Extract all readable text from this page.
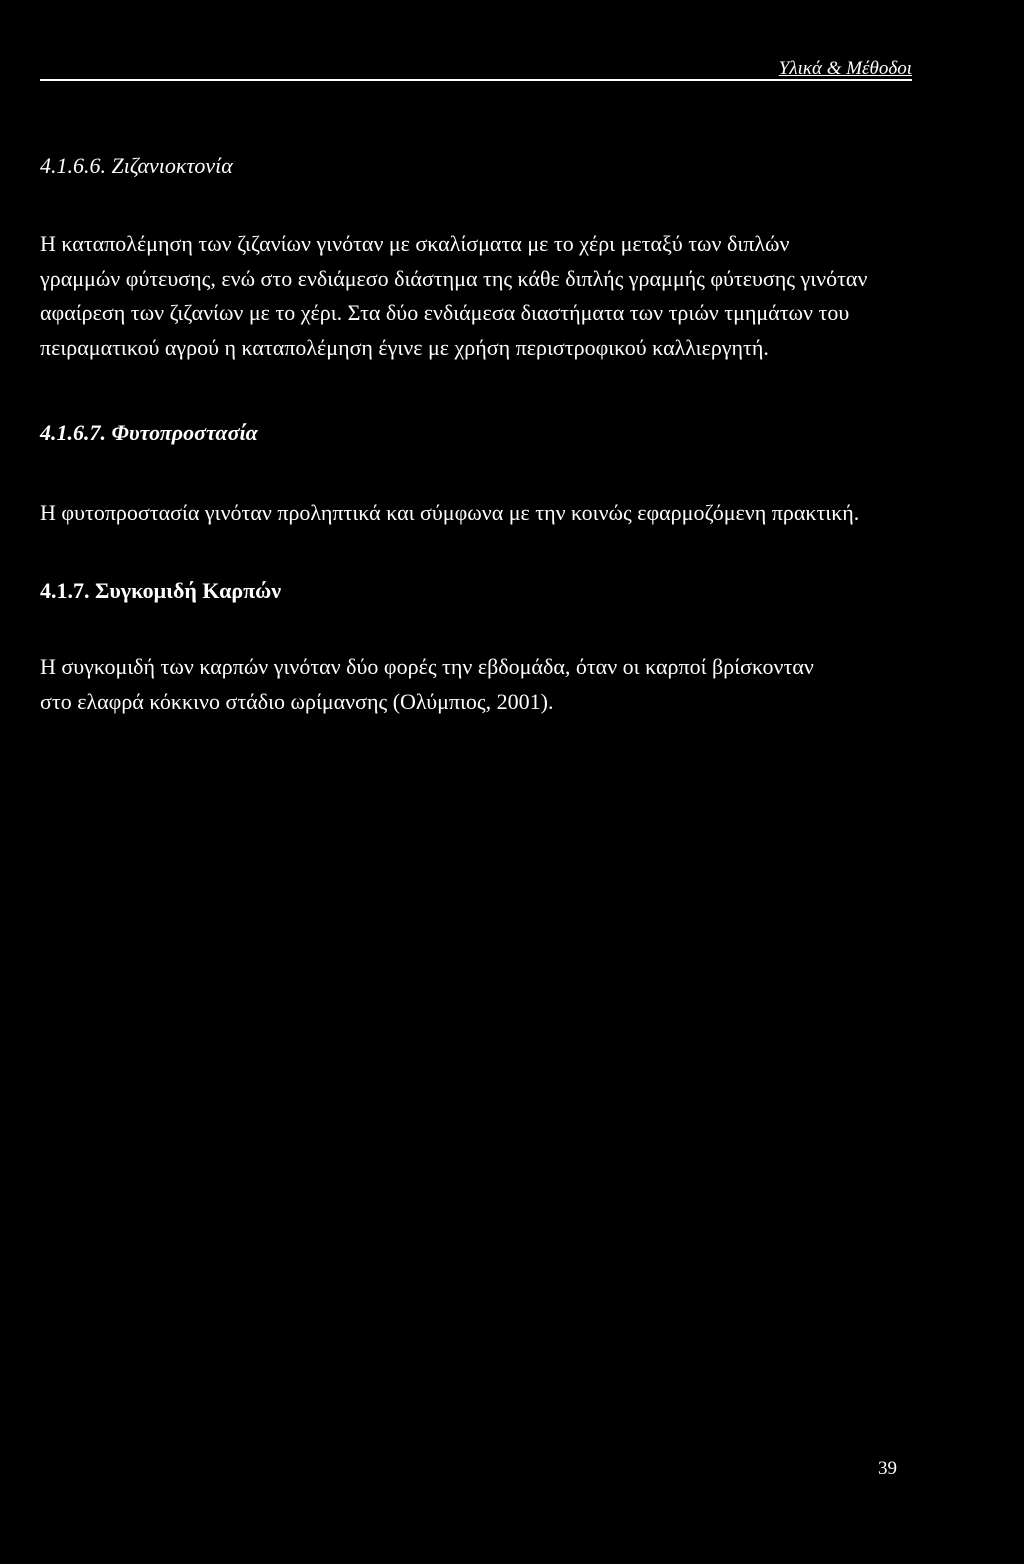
Υλικά & Μέθοδοι
4.1.6.6. Ζιζανιοκτονία

Η καταπολέμηση των ζιζανίων γινόταν με σκαλίσματα με το χέρι μεταξύ των διπλών
γραμμών φύτευσης, ενώ στο ενδιάμεσο διάστημα της κάθε διπλής γραμμής φύτευσης γινόταν
αφαίρεση των ζιζανίων με το χέρι. Στα δύο ενδιάμεσα διαστήματα των τριών τμημάτων του
πειραματικού αγρού η καταπολέμηση έγινε με χρήση περιστροφικού καλλιεργητή.

4.1.6.7. Φυτοπροστασία

Η φυτοπροστασία γινόταν προληπτικά και σύμφωνα με την κοινώς εφαρμοζόμενη πρακτική.

4.1.7. Συγκομιδή Καρπών

Η συγκομιδή των καρπών γινόταν δύο φορές την εβδομάδα, όταν οι καρποί βρίσκονταν
στο ελαφρά κόκκινο στάδιο ωρίμανσης (Ολύμπιος, 2001).

39
